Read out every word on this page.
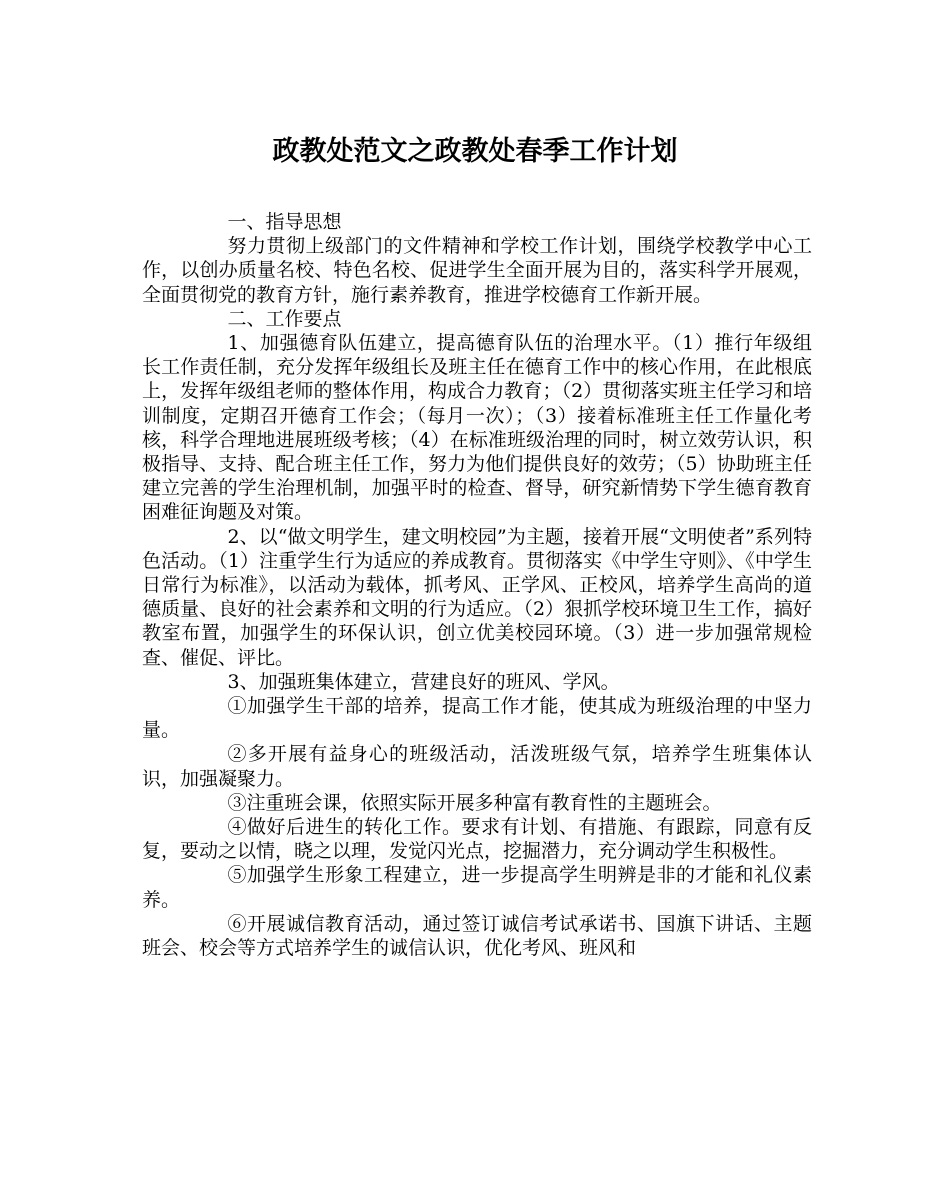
政教处范文之政教处春季工作计划

一、指导思想

努力贯彻上级部门的文件精神和学校工作计划，围绕学校教学中心工作，以创办质量名校、特色名校、促进学生全面开展为目的，落实科学开展观，全面贯彻党的教育方针，施行素养教育，推进学校德育工作新开展。

二、工作要点

1、加强德育队伍建立，提高德育队伍的治理水平。（1）推行年级组长工作责任制，充分发挥年级组长及班主任在德育工作中的核心作用，在此根底上，发挥年级组老师的整体作用，构成合力教育；（2）贯彻落实班主任学习和培训制度，定期召开德育工作会；（每月一次）；（3）接着标准班主任工作量化考核，科学合理地进展班级考核；（4）在标准班级治理的同时，树立效劳认识，积极指导、支持、配合班主任工作，努力为他们提供良好的效劳；（5）协助班主任建立完善的学生治理机制，加强平时的检查、督导，研究新情势下学生德育教育困难征询题及对策。

2、以“做文明学生，建文明校园”为主题，接着开展“文明使者”系列特色活动。（1）注重学生行为适应的养成教育。贯彻落实《中学生守则》、《中学生日常行为标准》，以活动为载体，抓考风、正学风、正校风，培养学生高尚的道德质量、良好的社会素养和文明的行为适应。（2）狠抓学校环境卫生工作，搞好教室布置，加强学生的环保认识，创立优美校园环境。（3）进一步加强常规检查、催促、评比。

3、加强班集体建立，营建良好的班风、学风。

①加强学生干部的培养，提高工作才能，使其成为班级治理的中坚力量。

②多开展有益身心的班级活动，活泼班级气氛，培养学生班集体认识，加强凝聚力。

③注重班会课，依照实际开展多种富有教育性的主题班会。

④做好后进生的转化工作。要求有计划、有措施、有跟踪，同意有反复，要动之以情，晓之以理，发觉闪光点，挖掘潜力，充分调动学生积极性。

⑤加强学生形象工程建立，进一步提高学生明辨是非的才能和礼仪素养。

⑥开展诚信教育活动，通过签订诚信考试承诺书、国旗下讲话、主题班会、校会等方式培养学生的诚信认识，优化考风、班风和
